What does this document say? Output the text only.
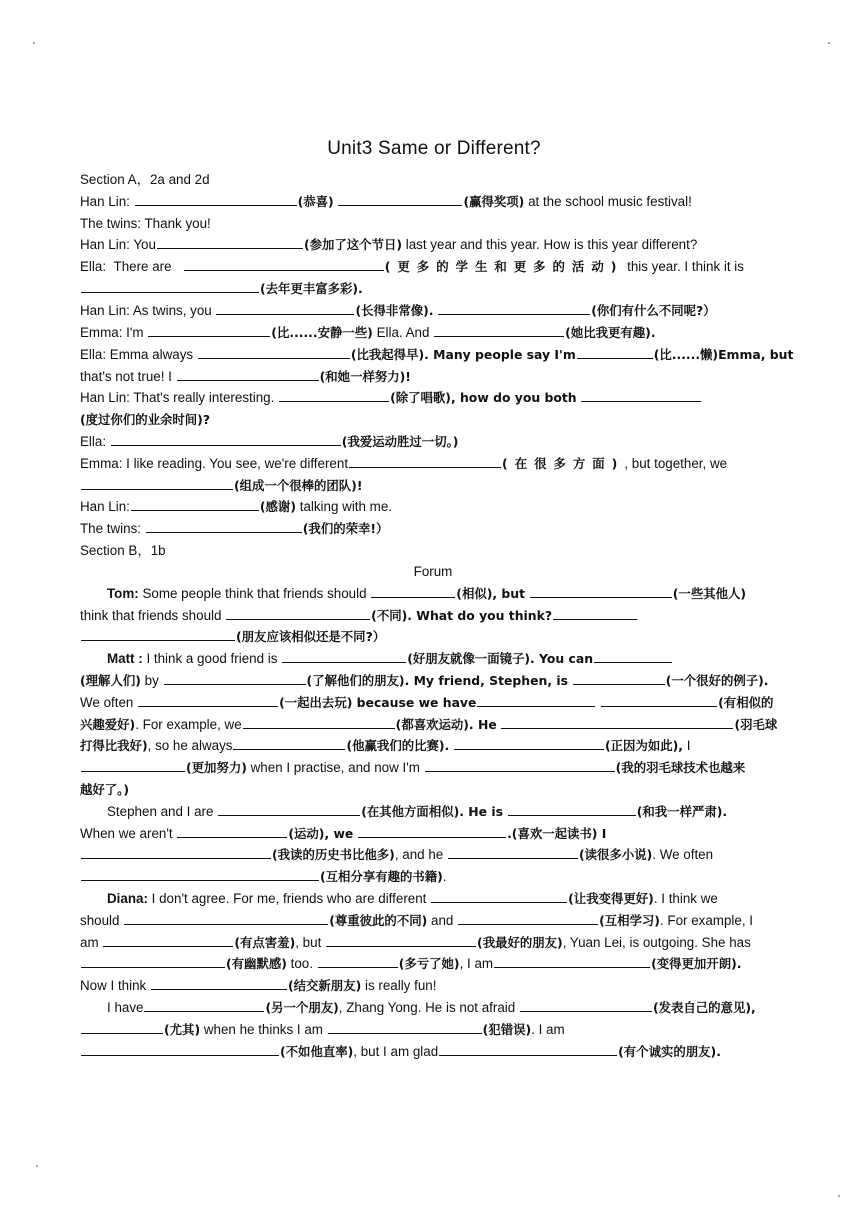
Unit3 Same or Different?
Section A，2a and 2d
Han Lin:	(恭喜)	(赢得奖项) at the school music festival!
The twins: Thank you!
Han Lin: You	(参加了这个节日) last year and this year. How is this year different?
Ella: There are	(更多的学生和更多的活动) this year. I think it is
(去年更丰富多彩).
Han Lin: As twins, you	(长得非常像).	(你们有什么不同呢?）
Emma: I'm	(比......安静一些) Ella. And	(她比我更有趣).
Ella: Emma always	(比我起得早). Many people say I'm	(比......懒)Emma, but
that's not true! I	(和她一样努力)!
Han Lin: That's really interesting.	(除了唱歌), how do you both
(度过你们的业余时间)?
Ella:	(我爱运动胜过一切。)
Emma: I like reading. You see, we're different	(在很多方面), but together, we
(组成一个很棒的团队)!
Han Lin:	(感谢) talking with me.
The twins:	(我们的荣幸!）
Section B，1b
Forum
Tom: Some people think that friends should	(相似), but	(一些其他人)
think that friends should	(不同). What do you think?
(朋友应该相似还是不同?）
Matt : I think a good friend is	(好朋友就像一面镜子). You can
(理解人们) by	(了解他们的朋友). My friend, Stephen, is	(一个很好的例子).
We often	(一起出去玩) because we have	(有相似的
兴趣爱好). For example, we	(都喜欢运动). He	(羽毛球
打得比我好), so he always	(他赢我们的比赛).	(正因为如此), I
(更加努力) when I practise, and now I'm	(我的羽毛球技术也越来
越好了。)
Stephen and I are	(在其他方面相似). He is	(和我一样严肃).
When we aren't	(运动), we	.(喜欢一起读书) I
(我读的历史书比他多), and he	(读很多小说). We often
(互相分享有趣的书籍).
Diana: I don't agree. For me, friends who are different	(让我变得更好). I think we
should	(尊重彼此的不同) and	(互相学习). For example, I
am	(有点害羞), but	(我最好的朋友), Yuan Lei, is outgoing. She has
(有幽默感) too.	(多亏了她), I am	(变得更加开朗).
Now I think	(结交新朋友) is really fun!
I have	(另一个朋友), Zhang Yong. He is not afraid	(发表自己的意见),
(尤其) when he thinks I am	(犯错误). I am
(不如他直率), but I am glad	(有个诚实的朋友).
